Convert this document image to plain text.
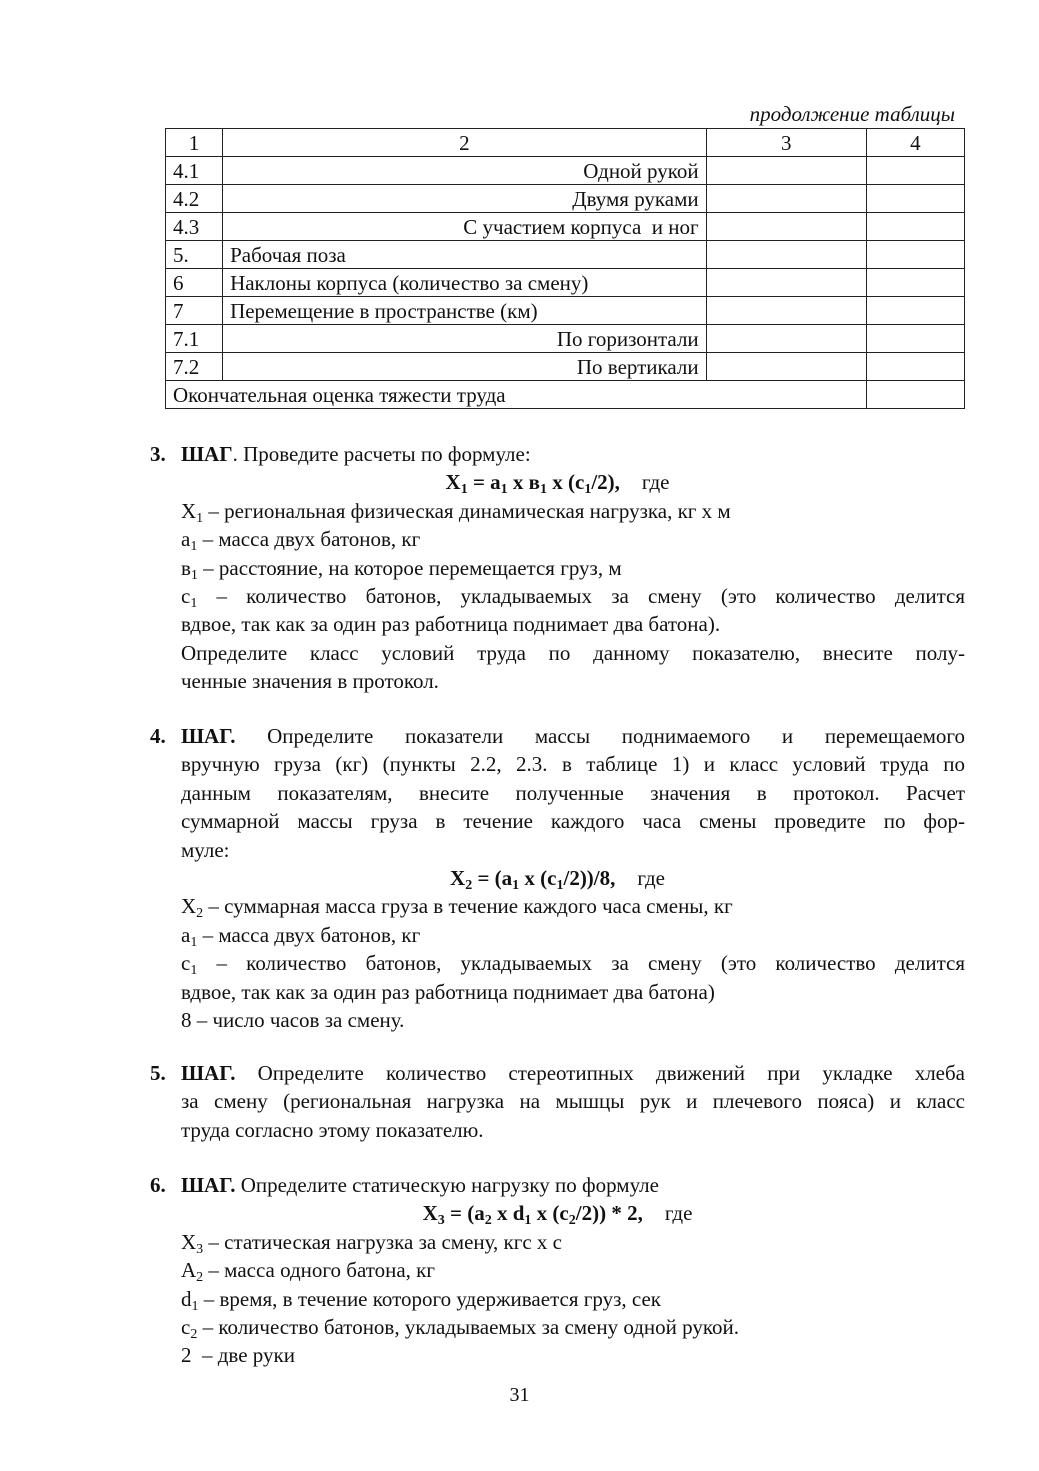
продолжение таблицы
1	2	3	4
4.1	Одной рукой		
4.2	Двумя руками		
4.3	С участием корпуса  и ног		
5.	Рабочая поза		
6	Наклоны корпуса (количество за смену)		
7	Перемещение в пространстве (км)		
7.1	По горизонтали		
7.2	По вертикали		
Окончательная оценка тяжести труда			
3. ШАГ. Проведите расчеты по формуле:
$X_1 = a_1$ x $в_1$ x $(c_1/2)$, где
$X_1$ – региональная физическая динамическая нагрузка, кг х м
$a_1$ – масса двух батонов, кг
$в_1$ – расстояние, на которое перемещается груз, м
$c_1$ – количество батонов, укладываемых за смену (это количество делится
вдвое, так как за один раз работница поднимает два батона).
Определите класс условий труда по данному показателю, внесите полу-
ченные значения в протокол.
4. ШАГ. Определите показатели массы поднимаемого и перемещаемого
вручную груза (кг) (пункты 2.2, 2.3. в таблице 1) и класс условий труда по
данным показателям, внесите полученные значения в протокол. Расчет
суммарной массы груза в течение каждого часа смены проведите по фор-
муле:
$X_2 = (a_1$ x $(c_1/2))/8$, где
$X_2$ – суммарная масса груза в течение каждого часа смены, кг
$a_1$ – масса двух батонов, кг
$c_1$ – количество батонов, укладываемых за смену (это количество делится
вдвое, так как за один раз работница поднимает два батона)
8 – число часов за смену.
5. ШАГ. Определите количество стереотипных движений при укладке хлеба
за смену (региональная нагрузка на мышцы рук и плечевого пояса) и класс
труда согласно этому показателю.
6. ШАГ. Определите статическую нагрузку по формуле
$X_3 = (a_2$ x $d_1$ x $(c_2/2)) * 2$, где
$X_3$ – статическая нагрузка за смену, кгс х с
$A_2$ – масса одного батона, кг
$d_1$ – время, в течение которого удерживается груз, сек
$c_2$ – количество батонов, укладываемых за смену одной рукой.
2  – две руки
31
